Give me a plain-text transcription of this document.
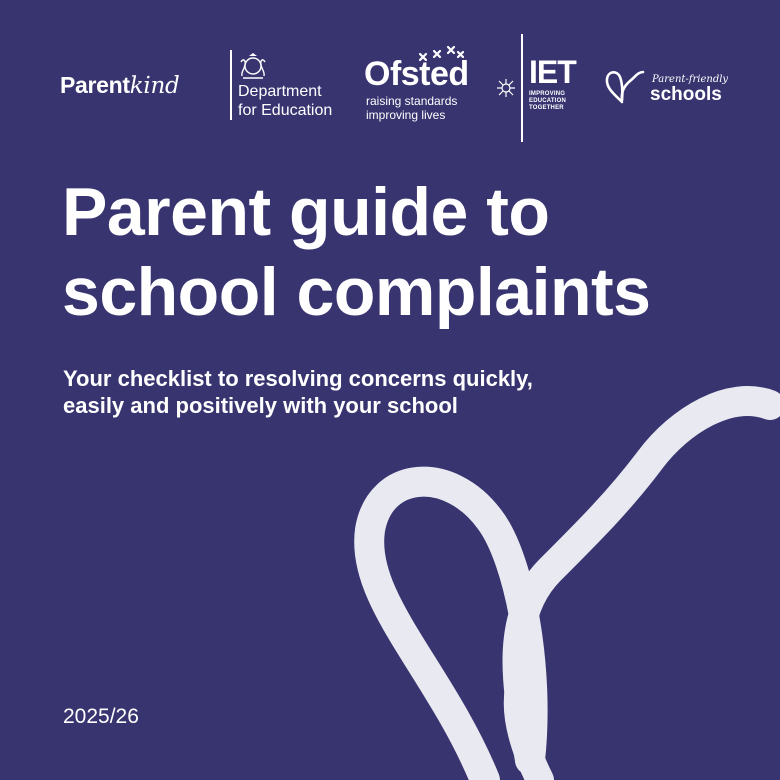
Parentkind	Department
for Education
Ofsted
raising standards
improving lives
IET
IMPROVING
EDUCATION
TOGETHER
Parent-friendly
schools
Parent guide to
school complaints

Your checklist to resolving concerns quickly,
easily and positively with your school

2025/26
